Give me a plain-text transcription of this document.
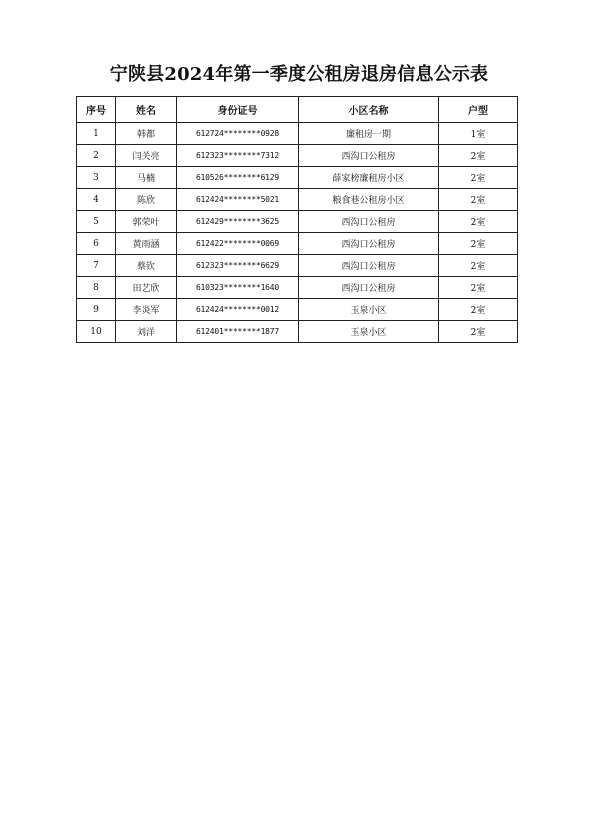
宁陕县2024年第一季度公租房退房信息公示表
序号	姓名	身份证号	小区名称	户型
1	韩都	612724********0928	廉租房一期	1室
2	闫关亮	612323********7312	西沟口公租房	2室
3	马楠	610526********6129	薛家榜廉租房小区	2室
4	陈欣	612424********5021	粮食巷公租房小区	2室
5	郭荣叶	612429********3625	西沟口公租房	2室
6	黄雨涵	612422********0069	西沟口公租房	2室
7	蔡钦	612323********6629	西沟口公租房	2室
8	田艺欣	610323********1640	西沟口公租房	2室
9	李炎军	612424********0012	玉泉小区	2室
10	刘洋	612401********1877	玉泉小区	2室
